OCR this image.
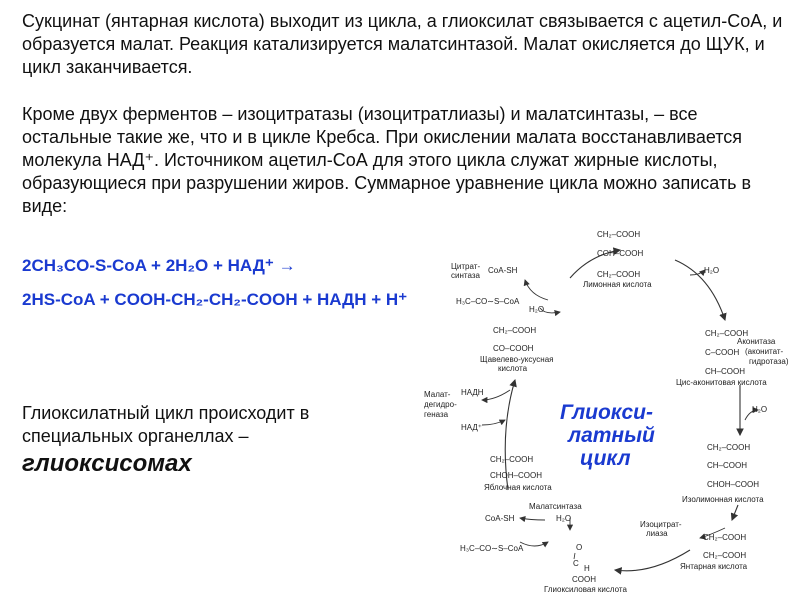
Сукцинат (янтарная кислота) выходит из цикла, а глиоксилат связывается с ацетил-СоА, и образуется малат. Реакция катализируется малатсинтазой. Малат окисляется до ЩУК, и цикл заканчивается.
Кроме двух ферментов – изоцитратазы (изоцитратлиазы) и малатсинтазы, – все остальные такие же, что и в цикле Кребса. При окислении малата восстанавливается молекула НАД⁺. Источником ацетил-СоА для этого цикла служат жирные кислоты, образующиеся при разрушении жиров. Суммарное уравнение цикла можно записать в виде:
2CH₃CO-S-CoA + 2H₂O + НАД⁺ →
2HS-CoA + COOH-CH₂-CH₂-COOH + НАДН + Н⁺
Глиоксилатный цикл происходит в специальных органеллах –
глиоксисомах
CH₂–COOH
COH–COOH
CH₂–COOH
Лимонная кислота
CH₂–COOH
C–COOH
CH–COOH
Цис-аконитовая кислота
CH₂–COOH
CH–COOH
CHOH–COOH
Изолимонная кислота
CH₂–COOH
CH₂–COOH
Янтарная кислота
O
C
H
COOH
Глиоксиловая кислота
CH₂–COOH
CHOH–COOH
Яблочная кислота
CH₂–COOH
CO–COOH
Щавелево-уксусная
кислота
Цитрат-
синтаза
Аконитаза
(аконитат-
гидротаза)
Изоцитрат-
лиаза
Малатсинтаза
Малат-
дегидро-
геназа
CoA-SH
H₃C–CO∼S–CoA
H₂O
H₂O
H₂O
НАДН
НАД⁺
CoA-SH
H₃C–CO∼S–CoA
H₂O
Глиокси-
латный
цикл
